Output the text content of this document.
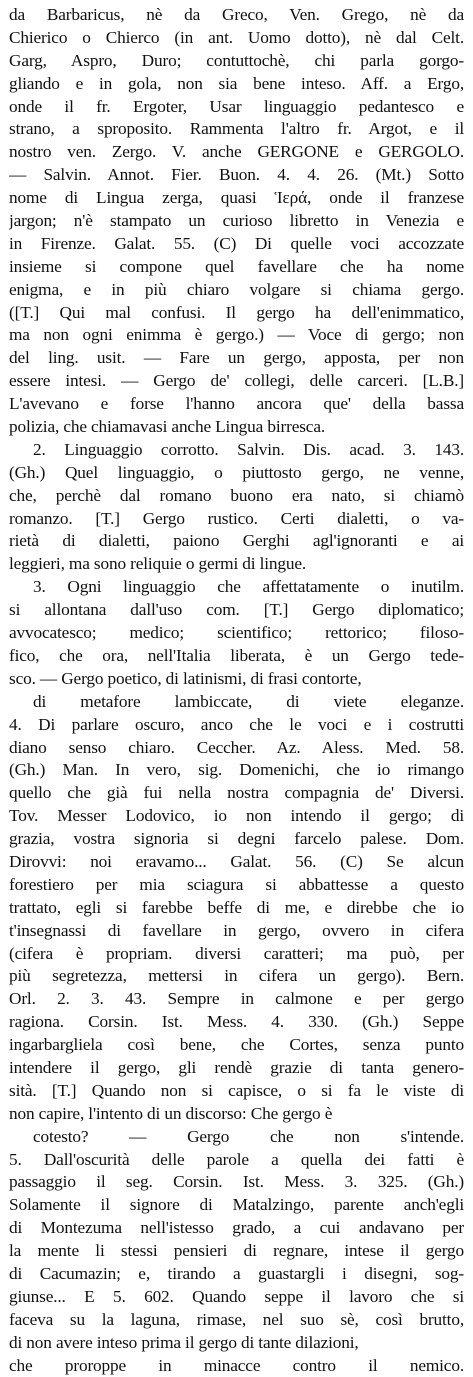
da Barbaricus, nè da Greco, Ven. Grego, nè da
Chierico o Chierco (in ant. Uomo dotto), nè dal Celt.
Garg, Aspro, Duro; contuttochè, chi parla gorgo-
gliando e in gola, non sia bene inteso. Aff. a Ergo,
onde il fr. Ergoter, Usar linguaggio pedantesco e
strano, a sproposito. Rammenta l'altro fr. Argot, e il
nostro ven. Zergo. V. anche GERGONE e GERGOLO.
— Salvin. Annot. Fier. Buon. 4. 4. 26. (Mt.) Sotto
nome di Lingua zerga, quasi Ἱερά, onde il franzese
jargon; n'è stampato un curioso libretto in Venezia e
in Firenze. Galat. 55. (C) Di quelle voci accozzate
insieme si compone quel favellare che ha nome
enigma, e in più chiaro volgare si chiama gergo.
([T.] Qui mal confusi. Il gergo ha dell'enimmatico,
ma non ogni enimma è gergo.) — Voce di gergo; non
del ling. usit. — Fare un gergo, apposta, per non
essere intesi. — Gergo de' collegi, delle carceri. [L.B.]
L'avevano e forse l'hanno ancora que' della bassa
polizia, che chiamavasi anche Lingua birresca.
2. Linguaggio corrotto. Salvin. Dis. acad. 3. 143.
(Gh.) Quel linguaggio, o piuttosto gergo, ne venne,
che, perchè dal romano buono era nato, si chiamò
romanzo. [T.] Gergo rustico. Certi dialetti, o va-
rietà di dialetti, paiono Gerghi agl'ignoranti e ai
leggieri, ma sono reliquie o germi di lingue.
3. Ogni linguaggio che affettatamente o inutilm.
si allontana dall'uso com. [T.] Gergo diplomatico;
avvocatesco; medico; scientifico; rettorico; filoso-
fico, che ora, nell'Italia liberata, è un Gergo tede-
sco. — Gergo poetico, di latinismi, di frasi contorte,
di metafore lambiccate, di viete eleganze.
4. Di parlare oscuro, anco che le voci e i costrutti
diano senso chiaro. Ceccher. Az. Aless. Med. 58.
(Gh.) Man. In vero, sig. Domenichi, che io rimango
quello che già fui nella nostra compagnia de' Diversi.
Tov. Messer Lodovico, io non intendo il gergo; di
grazia, vostra signoria si degni farcelo palese. Dom.
Dirovvi: noi eravamo... Galat. 56. (C) Se alcun
forestiero per mia sciagura si abbattesse a questo
trattato, egli si farebbe beffe di me, e direbbe che io
t'insegnassi di favellare in gergo, ovvero in cifera
(cifera è propriam. diversi caratteri; ma può, per
più segretezza, mettersi in cifera un gergo). Bern.
Orl. 2. 3. 43. Sempre in calmone e per gergo
ragiona. Corsin. Ist. Mess. 4. 330. (Gh.) Seppe
ingarbargliela così bene, che Cortes, senza punto
intendere il gergo, gli rendè grazie di tanta genero-
sità. [T.] Quando non si capisce, o si fa le viste di
non capire, l'intento di un discorso: Che gergo è
cotesto? — Gergo che non s'intende.
5. Dall'oscurità delle parole a quella dei fatti è
passaggio il seg. Corsin. Ist. Mess. 3. 325. (Gh.)
Solamente il signore di Matalzingo, parente anch'egli
di Montezuma nell'istesso grado, a cui andavano per
la mente li stessi pensieri di regnare, intese il gergo
di Cacumazin; e, tirando a guastargli i disegni, sog-
giunse... E 5. 602. Quando seppe il lavoro che si
faceva su la laguna, rimase, nel suo sè, così brutto,
di non avere inteso prima il gergo di tante dilazioni,
che proroppe in minacce contro il nemico.
